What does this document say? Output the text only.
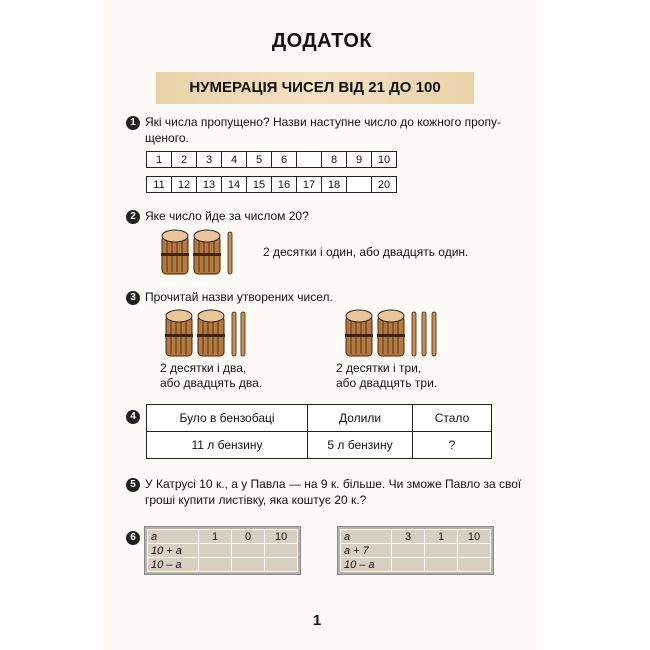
ДОДАТОК
НУМЕРАЦІЯ ЧИСЕЛ ВІД 21 ДО 100
1 Які числа пропущено? Назви наступне число до кожного пропу-
щеного.
1	2	3	4	5	6		8	9	10
11	12	13	14	15	16	17	18		20
2 Яке число йде за числом 20?
2 десятки і один, або двадцять один.
3 Прочитай назви утворених чисел.
2 десятки і два,
або двадцять два.
2 десятки і три,
або двадцять три.
4	Було в бензобаці	Долили	Стало
11 л бензину	5 л бензину	?
5 У Катрусі 10 к., а у Павла — на 9 к. більше. Чи зможе Павло за свої
гроші купити листівку, яка коштує 20 к.?
6	a	1	0	10
10 + a			
10 – a			
a	3	1	10
a + 7			
10 – a			
1
